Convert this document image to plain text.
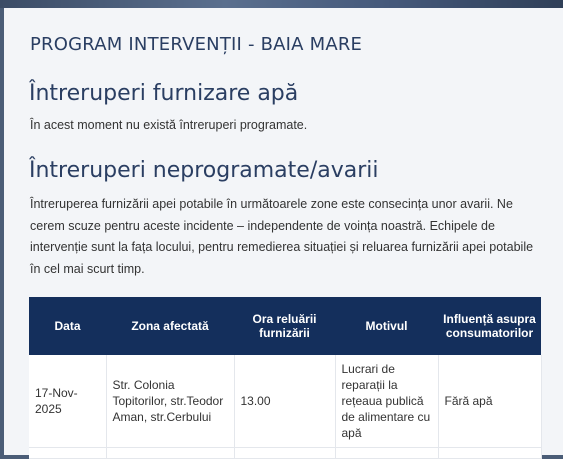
PROGRAM INTERVENȚII - BAIA MARE
Întreruperi furnizare apă

În acest moment nu există întreruperi programate.

Întreruperi neprogramate/avarii

Întreruperea furnizării apei potabile în următoarele zone este consecința unor avarii. Ne cerem scuze pentru aceste incidente – independente de voința noastră. Echipele de intervenție sunt la fața locului, pentru remedierea situației și reluarea furnizării apei potabile în cel mai scurt timp.

Data	Zona afectată	Ora reluării furnizării	Motivul	Influență asupra consumatorilor
17-Nov-2025	Str. Colonia Topitorilor, str.Teodor Aman, str.Cerbului	13.00	Lucrari de reparații la rețeaua publică de alimentare cu apă	Fără apă
